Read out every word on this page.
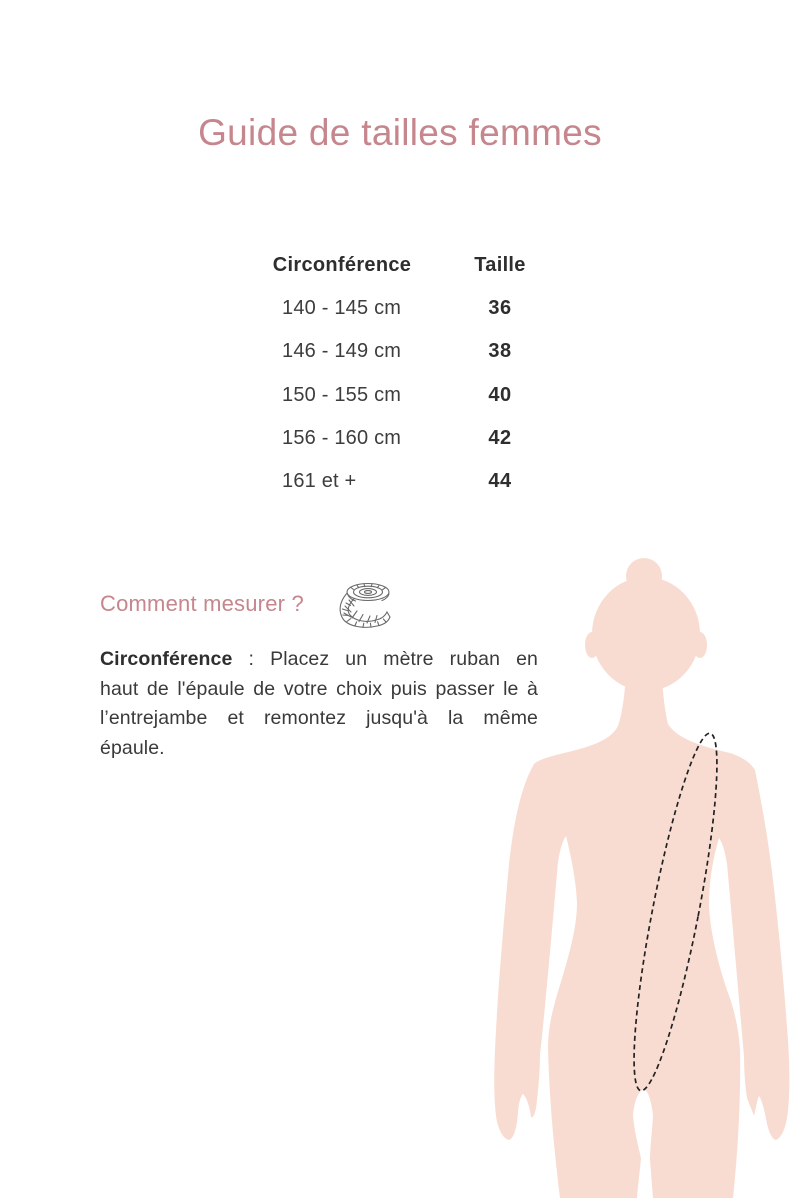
Guide de tailles femmes
Circonférence	Taille
140 - 145 cm	36
146 - 149 cm	38
150 - 155 cm	40
156 - 160 cm	42
161 et +	44
Comment mesurer ?
Circonférence : Placez un mètre ruban en
haut de l'épaule de votre choix puis passer le à
l’entrejambe et remontez jusqu'à la même
épaule.
